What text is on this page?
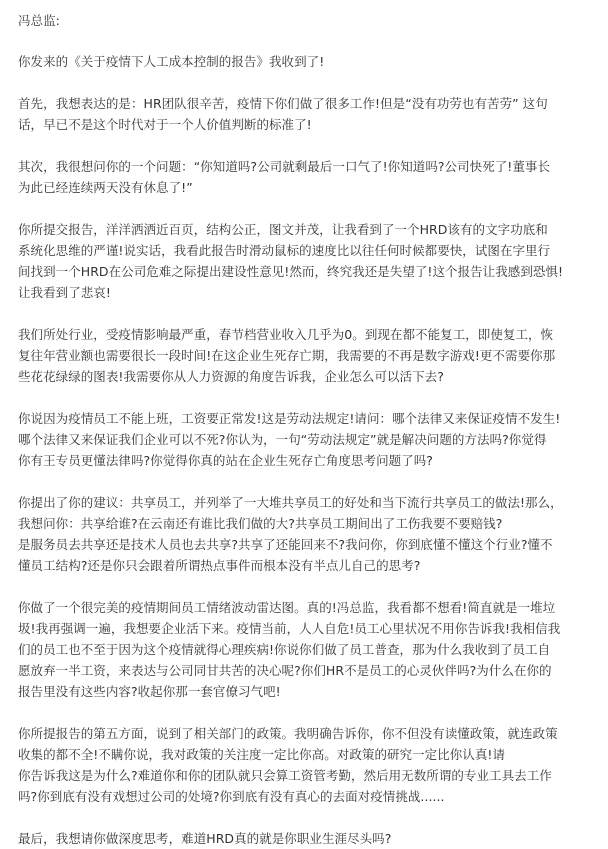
冯总监:
你发来的《关于疫情下人工成本控制的报告》我收到了!
首先，我想表达的是：HR团队很辛苦，疫情下你们做了很多工作!但是“没有功劳也有苦劳” 这句
话，早已不是这个时代对于一个人价值判断的标准了!
其次，我很想问你的一个问题：“你知道吗?公司就剩最后一口气了!你知道吗?公司快死了!董事长
为此已经连续两天没有休息了!”
你所提交报告，洋洋洒洒近百页，结构公正，图文并茂，让我看到了一个HRD该有的文字功底和
系统化思维的严谨!说实话，我看此报告时滑动鼠标的速度比以往任何时候都要快，试图在字里行
间找到一个HRD在公司危难之际提出建设性意见!然而，终究我还是失望了!这个报告让我感到恐惧!
让我看到了悲哀!
我们所处行业，受疫情影响最严重，春节档营业收入几乎为0。到现在都不能复工，即使复工，恢
复往年营业额也需要很长一段时间!在这企业生死存亡期，我需要的不再是数字游戏!更不需要你那
些花花绿绿的图表!我需要你从人力资源的角度告诉我，企业怎么可以活下去?
你说因为疫情员工不能上班，工资要正常发!这是劳动法规定!请问：哪个法律又来保证疫情不发生!
哪个法律又来保证我们企业可以不死?你认为，一句“劳动法规定”就是解决问题的方法吗?你觉得
你有王专员更懂法律吗?你觉得你真的站在企业生死存亡角度思考问题了吗?
你提出了你的建议：共享员工，并列举了一大堆共享员工的好处和当下流行共享员工的做法!那么，
我想问你：共享给谁?在云南还有谁比我们做的大?共享员工期间出了工伤我要不要赔钱?
是服务员去共享还是技术人员也去共享?共享了还能回来不?我问你，你到底懂不懂这个行业?懂不
懂员工结构?还是你只会跟着所谓热点事件而根本没有半点儿自己的思考?
你做了一个很完美的疫情期间员工情绪波动雷达图。真的!冯总监，我看都不想看!简直就是一堆垃
圾!我再强调一遍，我想要企业活下来。疫情当前，人人自危!员工心里状况不用你告诉我!我相信我
们的员工也不至于因为这个疫情就得心理疾病!你说你们做了员工普查，那为什么我收到了员工自
愿放弃一半工资，来表达与公司同甘共苦的决心呢?你们HR不是员工的心灵伙伴吗?为什么在你的
报告里没有这些内容?收起你那一套官僚习气吧!
你所提报告的第五方面，说到了相关部门的政策。我明确告诉你，你不但没有读懂政策，就连政策
收集的都不全!不瞒你说，我对政策的关注度一定比你高。对政策的研究一定比你认真!请
你告诉我这是为什么?难道你和你的团队就只会算工资管考勤，然后用无数所谓的专业工具去工作
吗?你到底有没有戏想过公司的处境?你到底有没有真心的去面对疫情挑战......
最后，我想请你做深度思考，难道HRD真的就是你职业生涯尽头吗?
